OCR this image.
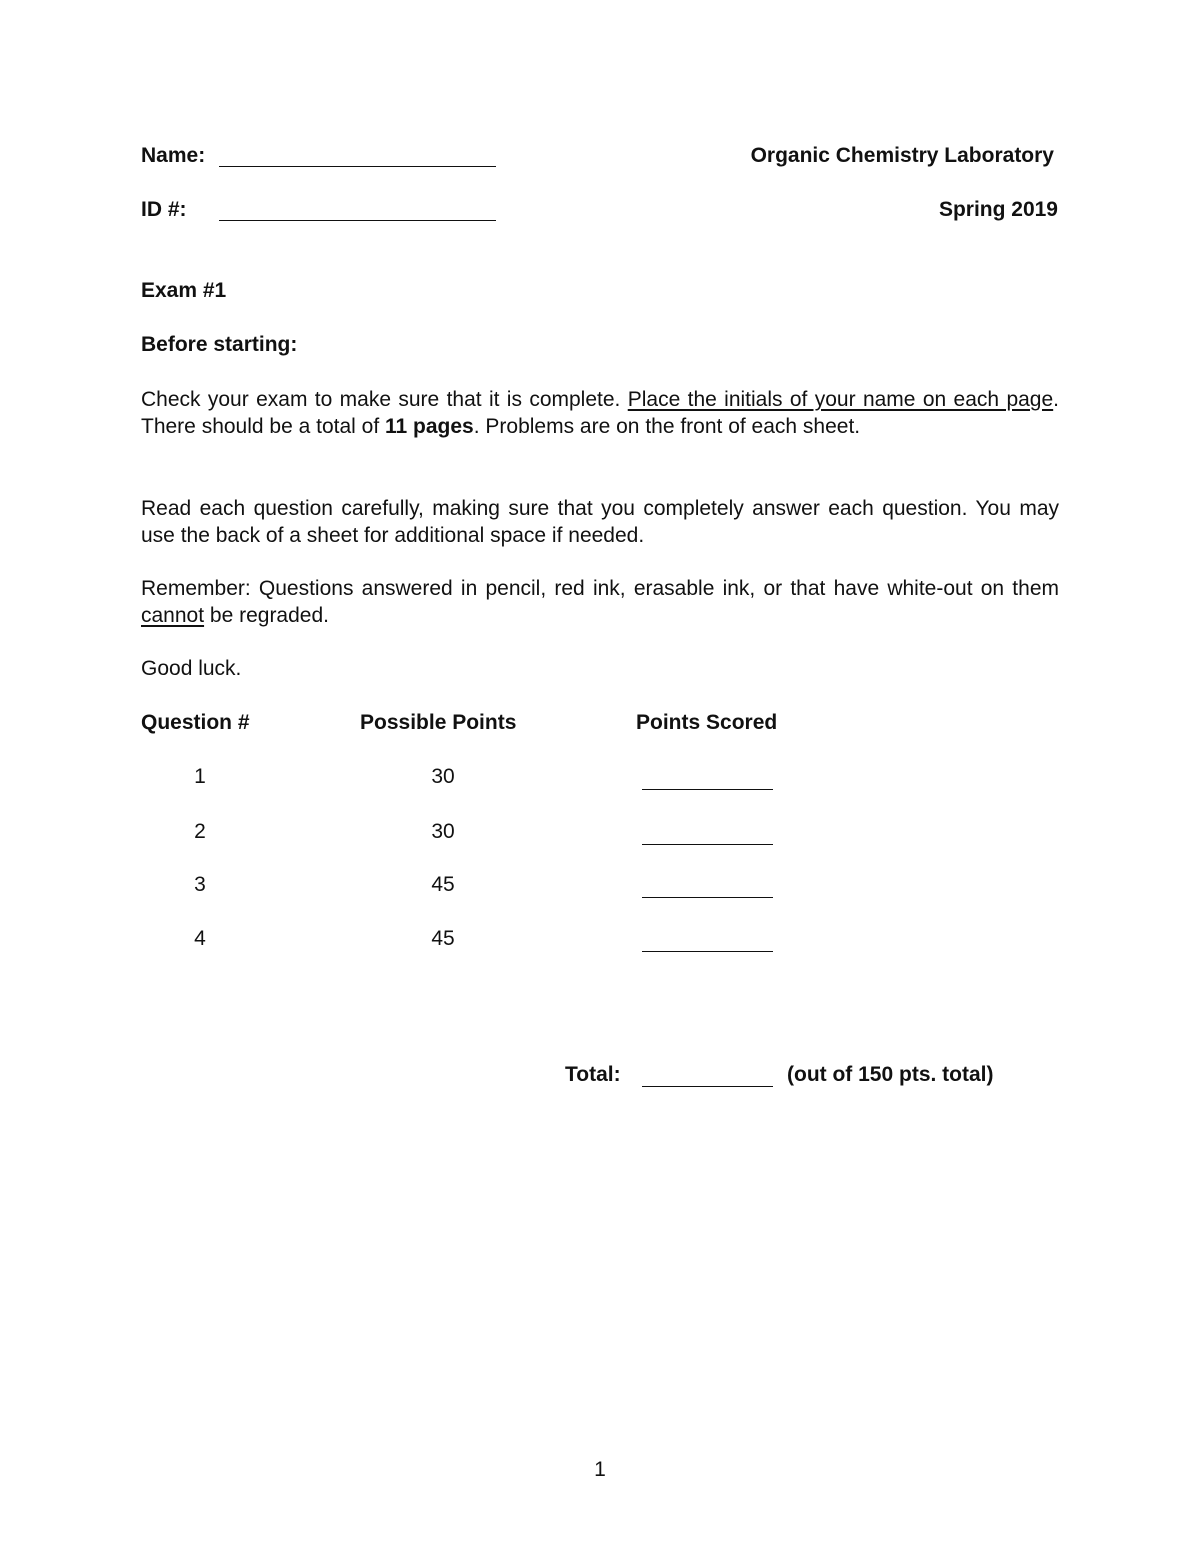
Name:	Organic Chemistry Laboratory
ID #:	Spring 2019
Exam #1
Before starting:
Check your exam to make sure that it is complete. Place the initials of your name on each page. There should be a total of 11 pages. Problems are on the front of each sheet.
Read each question carefully, making sure that you completely answer each question. You may use the back of a sheet for additional space if needed.
Remember: Questions answered in pencil, red ink, erasable ink, or that have white-out on them cannot be regraded.
Good luck.
Question #	Possible Points	Points Scored
1	30
2	30
3	45
4	45
Total:	(out of 150 pts. total)
1
